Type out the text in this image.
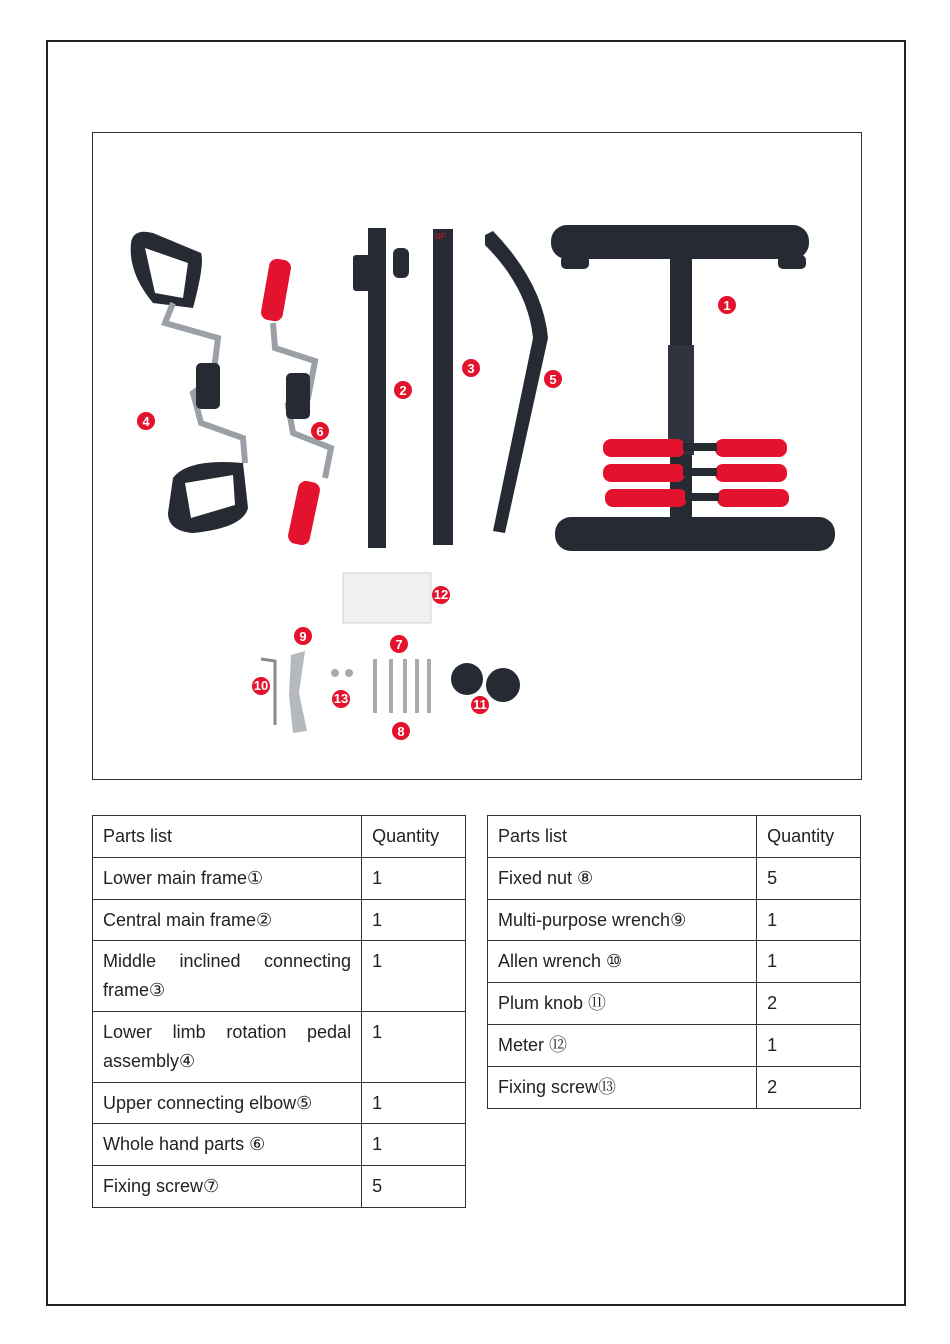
UP
1
2
3
4
5
6
7
8
9
10
11
12
13
Parts list	Quantity
Lower main frame①	1
Central main frame②	1
Middle inclined connecting frame③	1
Lower limb rotation pedal assembly④	1
Upper connecting elbow⑤	1
Whole hand parts ⑥	1
Fixing screw⑦	5
Parts list	Quantity
Fixed nut ⑧	5
Multi-purpose wrench⑨	1
Allen wrench ⑩	1
Plum knob ⑪	2
Meter ⑫	1
Fixing screw⑬	2
